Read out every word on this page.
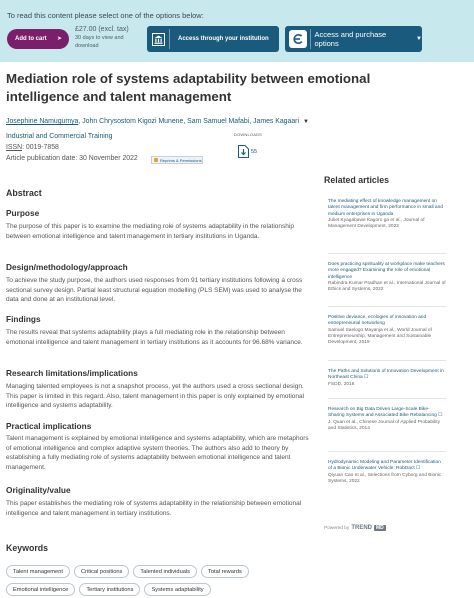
To read this content please select one of the options below:
Add to cart ➤
£27.00 (excl. tax)
30 days to view and download
Access through your institution	Access and purchase options	▼
Mediation role of systems adaptability between emotional intelligence and talent management
Josephine Namugumya, John Chrysostom Kigozi Munene, Sam Samuel Mafabi, James Kagaari ▼
Industrial and Commercial Training
ISSN: 0019-7858
Article publication date: 30 November 2022	Reprints & Permissions
DOWNLOADS
55
Abstract
Purpose

The purpose of this paper is to examine the mediating role of systems adaptability in the relationship between emotional intelligence and talent management in tertiary institutions in Uganda.

Design/methodology/approach

To achieve the study purpose, the authors used responses from 91 tertiary institutions following a cross sectional survey design. Partial least structural equation modelling (PLS SEM) was used to analyse the data and done at an institutional level.

Findings

The results reveal that systems adaptability plays a full mediating role in the relationship between emotional intelligence and talent management in tertiary institutions as it accounts for 96.68% variance.

Research limitations/implications

Managing talented employees is not a snapshot process, yet the authors used a cross sectional design. This paper is limited in this regard. Also, talent management in this paper is only explained by emotional intelligence and systems adaptability.

Practical implications

Talent management is explained by emotional intelligence and systems adaptability, which are metaphors of emotional intelligence and complex adaptive system theories. The authors also add to theory by establishing a fully mediating role of systems adaptability between emotional intelligence and talent management.

Originality/value

This paper establishes the mediating role of systems adaptability in the relationship between emotional intelligence and talent management in tertiary institutions.

Related articles
The mediating effect of knowledge management on talent management and firm performance in small and medium enterprises in Uganda
Juliet Kyagabawe Kagoro ga et al., Journal of Management Development, 2022
Does practicing spirituality at workplace make teachers more engaged? Examining the role of emotional intelligence
Rabindra Kumar Pradhan et al., International Journal of Ethics and Systems, 2022
Positive deviance, ecologies of innovation and entrepreneurial networking
Samuel Saelogo Mayanja et al., World Journal of Entrepreneurship, Management and Sustainable Development, 2019
The Paths and Solutions of Innovation Development in Northeast China ☐
FSDD, 2016
Research on Big Data Driven Large-Scale Bike-Sharing Systems and Associated Bike Rebalancing ☐
J. Quan et al., Chinese Journal of Applied Probability and Statistics, 2014
Hydrodynamic Modeling and Parameter Identification of a Bionic Underwater Vehicle: RobDact ☐
Qiyuan Cao et al., Selections from Cyborg and Bionic Systems, 2022
Powered by TREND MD
Keywords
Talent management	Critical positions	Talented individuals	Total rewards
Emotional intelligence	Tertiary institutions	Systems adaptability
